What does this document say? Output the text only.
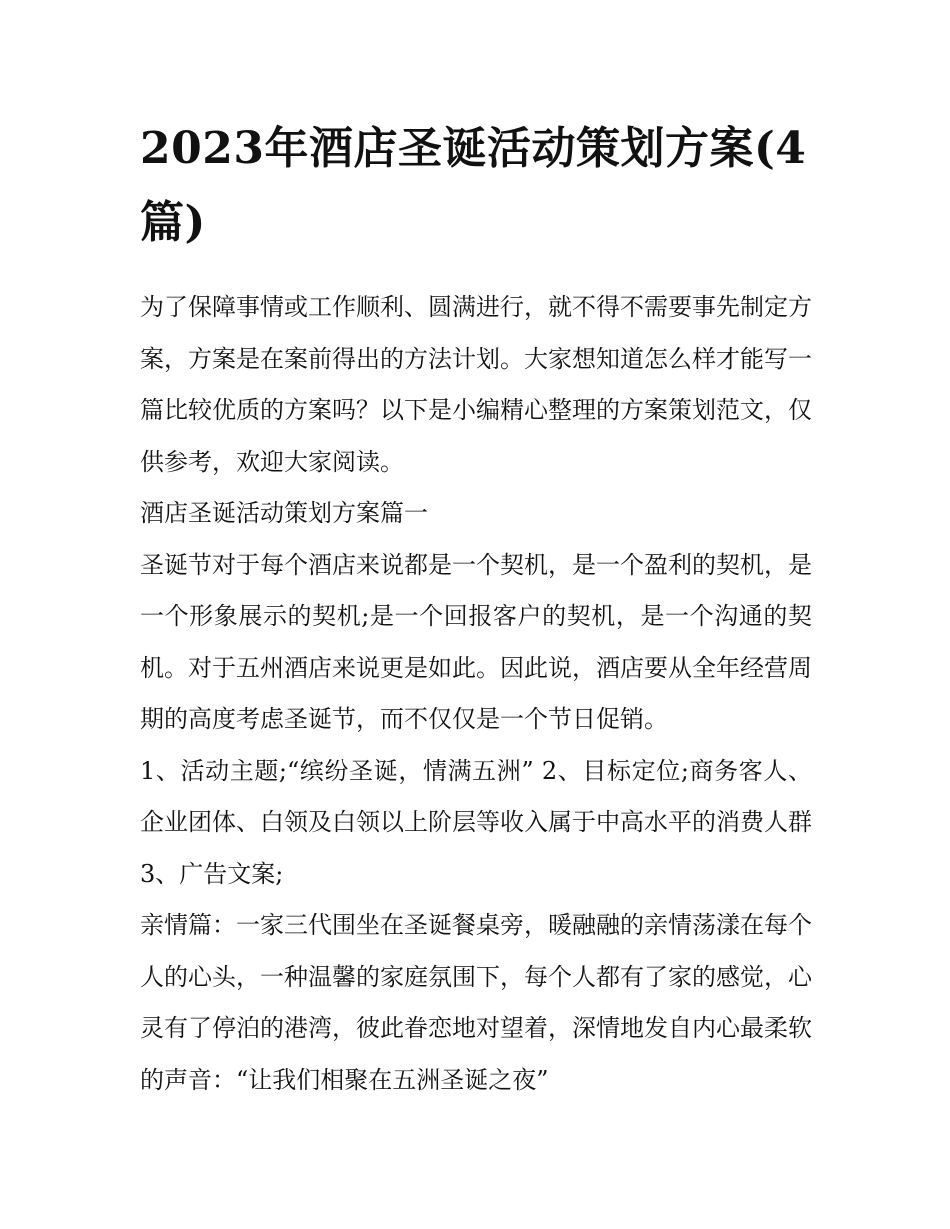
2023年酒店圣诞活动策划方案(4篇)

为了保障事情或工作顺利、圆满进行，就不得不需要事先制定方案，方案是在案前得出的方法计划。大家想知道怎么样才能写一篇比较优质的方案吗？以下是小编精心整理的方案策划范文，仅供参考，欢迎大家阅读。

酒店圣诞活动策划方案篇一

圣诞节对于每个酒店来说都是一个契机，是一个盈利的契机，是一个形象展示的契机;是一个回报客户的契机，是一个沟通的契机。对于五州酒店来说更是如此。因此说，酒店要从全年经营周期的高度考虑圣诞节，而不仅仅是一个节日促销。

1、活动主题;“缤纷圣诞，情满五洲” 2、目标定位;商务客人、企业团体、白领及白领以上阶层等收入属于中高水平的消费人群 3、广告文案;

亲情篇：一家三代围坐在圣诞餐桌旁，暖融融的亲情荡漾在每个人的心头，一种温馨的家庭氛围下，每个人都有了家的感觉，心灵有了停泊的港湾，彼此眷恋地对望着，深情地发自内心最柔软的声音：“让我们相聚在五洲圣诞之夜”
